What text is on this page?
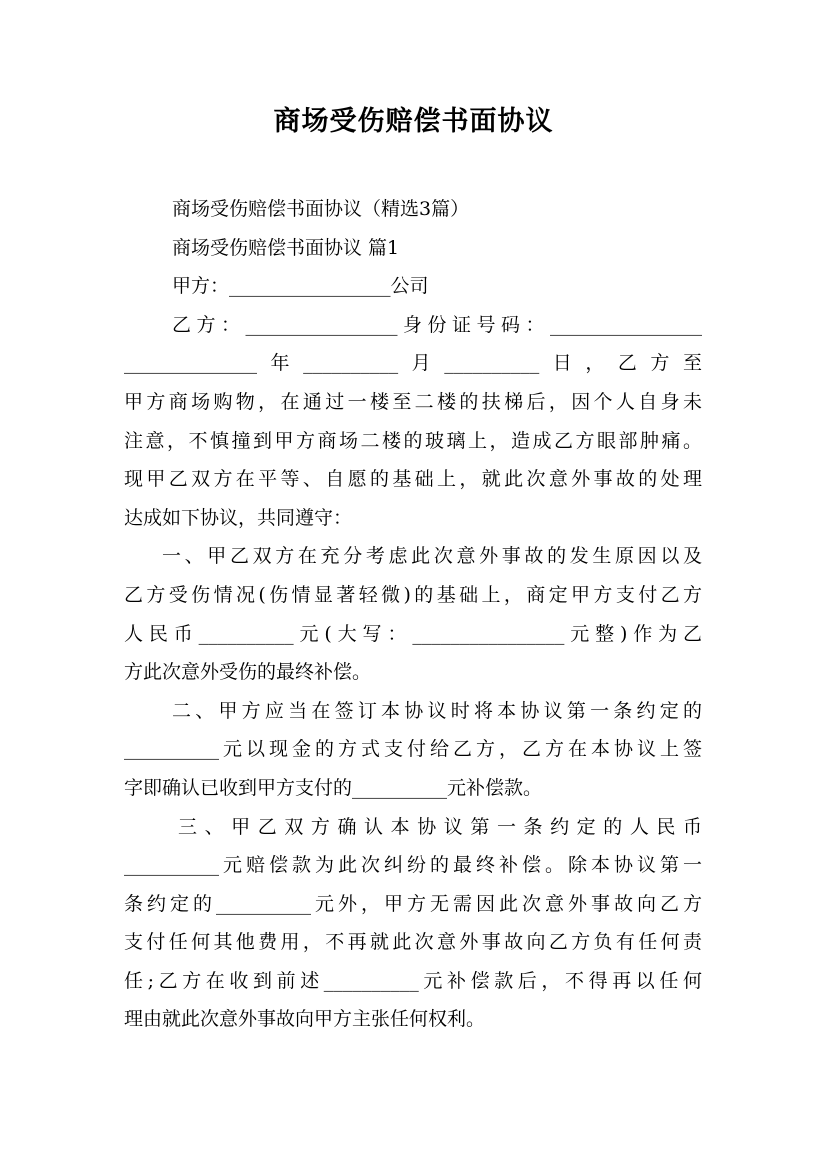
商场受伤赔偿书面协议
商场受伤赔偿书面协议（精选3篇）
商场受伤赔偿书面协议 篇1
甲方：_________________公司
乙方：________________身份证号码：________________
______________年__________月__________日，乙方至
甲方商场购物，在通过一楼至二楼的扶梯后，因个人自身未
注意，不慎撞到甲方商场二楼的玻璃上，造成乙方眼部肿痛。
现甲乙双方在平等、自愿的基础上，就此次意外事故的处理
达成如下协议，共同遵守：
一、甲乙双方在充分考虑此次意外事故的发生原因以及
乙方受伤情况(伤情显著轻微)的基础上，商定甲方支付乙方
人民币__________元(大写：________________元整)作为乙
方此次意外受伤的最终补偿。
二、甲方应当在签订本协议时将本协议第一条约定的
__________元以现金的方式支付给乙方，乙方在本协议上签
字即确认已收到甲方支付的__________元补偿款。
三、甲乙双方确认本协议第一条约定的人民币
__________元赔偿款为此次纠纷的最终补偿。除本协议第一
条约定的__________元外，甲方无需因此次意外事故向乙方
支付任何其他费用，不再就此次意外事故向乙方负有任何责
任;乙方在收到前述__________元补偿款后，不得再以任何
理由就此次意外事故向甲方主张任何权利。
